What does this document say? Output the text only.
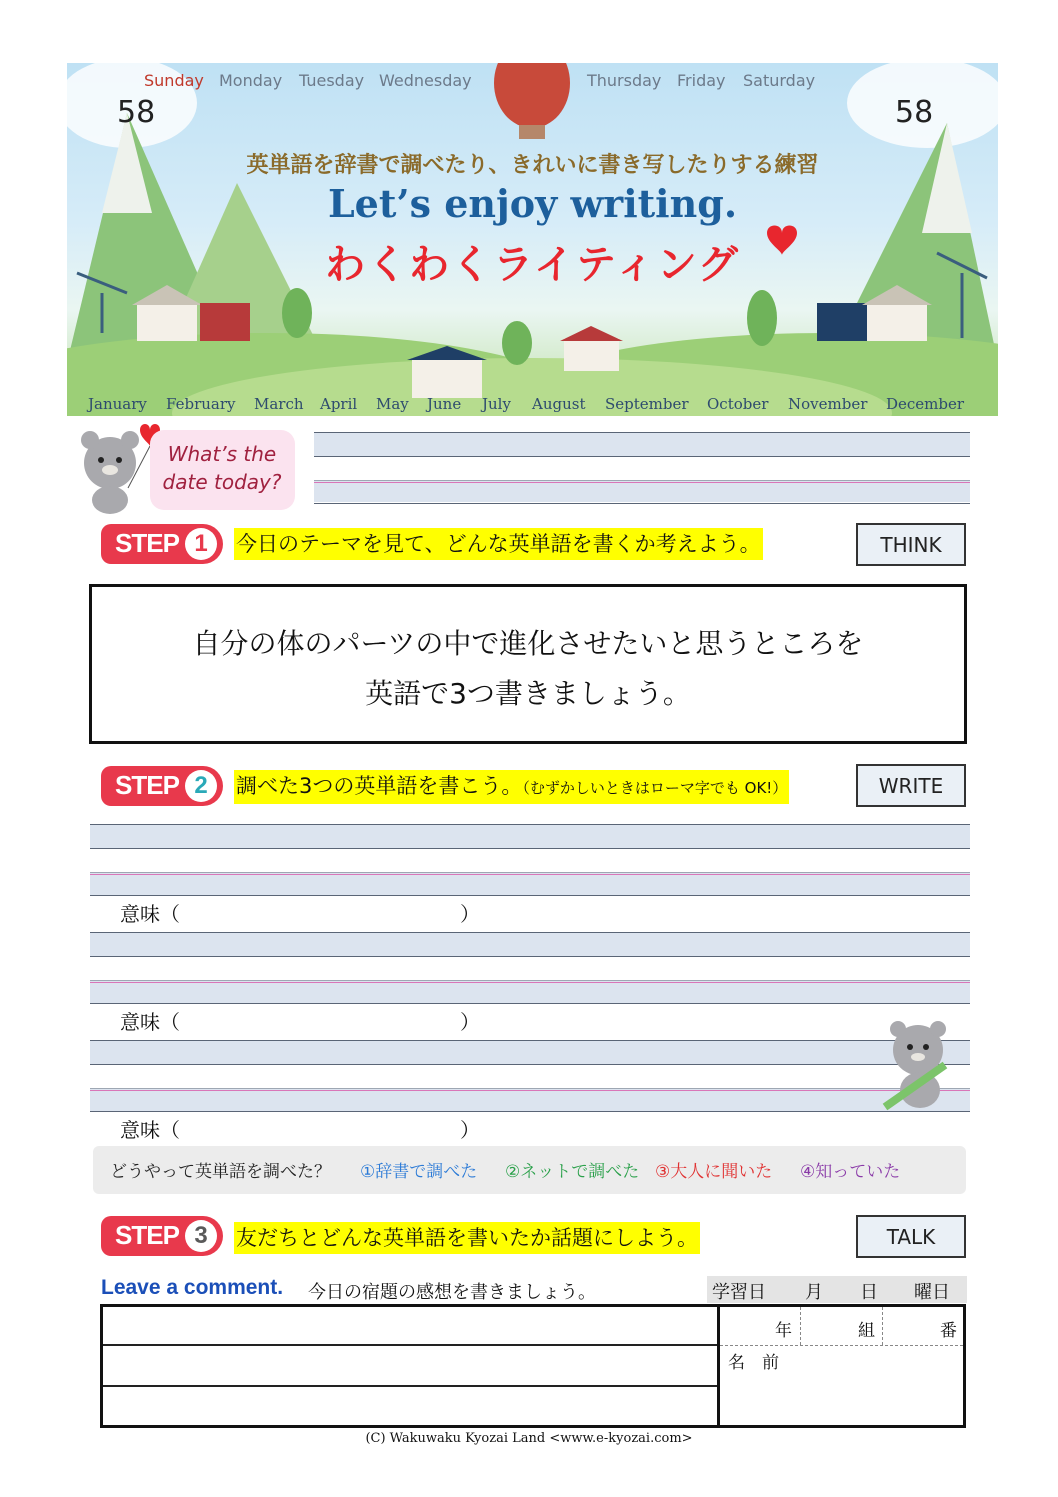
Sunday Monday Tuesday Wednesday	Thursday Friday Saturday
58	58
英単語を辞書で調べたり、きれいに書き写したりする練習
Let’s enjoy writing.
わくわくライティング
January February March April May June July August September October November December
What’s the
date today?
STEP 1	今日のテーマを見て、どんな英単語を書くか考えよう。	THINK
自分の体のパーツの中で進化させたいと思うところを
英語で3つ書きましょう。
STEP 2	調べた3つの英単語を書こう。（むずかしいときはローマ字でも OK!）	WRITE
意味（	）
意味（	）
意味（	）
どうやって英単語を調べた？ ①辞書で調べた ②ネットで調べた ③大人に聞いた ④知っていた
STEP 3	友だちとどんな英単語を書いたか話題にしよう。	TALK
Leave a comment. 今日の宿題の感想を書きましょう。	学習日 月 日 曜日
年	組	番
名　前
(C) Wakuwaku Kyozai Land <www.e-kyozai.com>
